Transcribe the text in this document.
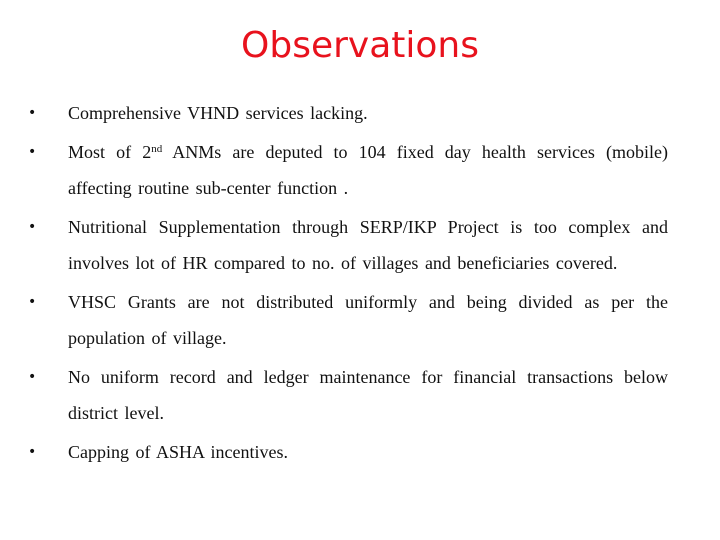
Observations
•	Comprehensive VHND services lacking.
•	Most of 2nd ANMs are deputed to 104 fixed day health services (mobile) affecting routine sub-center function .
•	Nutritional Supplementation through SERP/IKP Project is too complex and involves lot of HR compared to no. of villages and beneficiaries covered.
•	VHSC Grants are not distributed uniformly and being divided as per the population of village.
•	No uniform record and ledger maintenance for financial transactions below district level.
•	Capping of ASHA incentives.
